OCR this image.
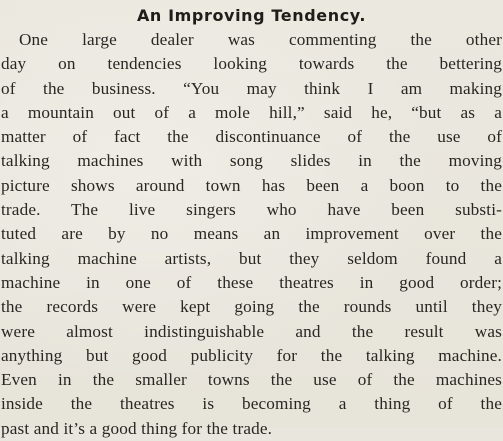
An Improving Tendency.
One large dealer was commenting the other
day on tendencies looking towards the bettering
of the business. “You may think I am making
a mountain out of a mole hill,” said he, “but as a
matter of fact the discontinuance of the use of
talking machines with song slides in the moving
picture shows around town has been a boon to the
trade. The live singers who have been substi-
tuted are by no means an improvement over the
talking machine artists, but they seldom found a
machine in one of these theatres in good order;
the records were kept going the rounds until they
were almost indistinguishable and the result was
anything but good publicity for the talking machine.
Even in the smaller towns the use of the machines
inside the theatres is becoming a thing of the
past and it’s a good thing for the trade.
